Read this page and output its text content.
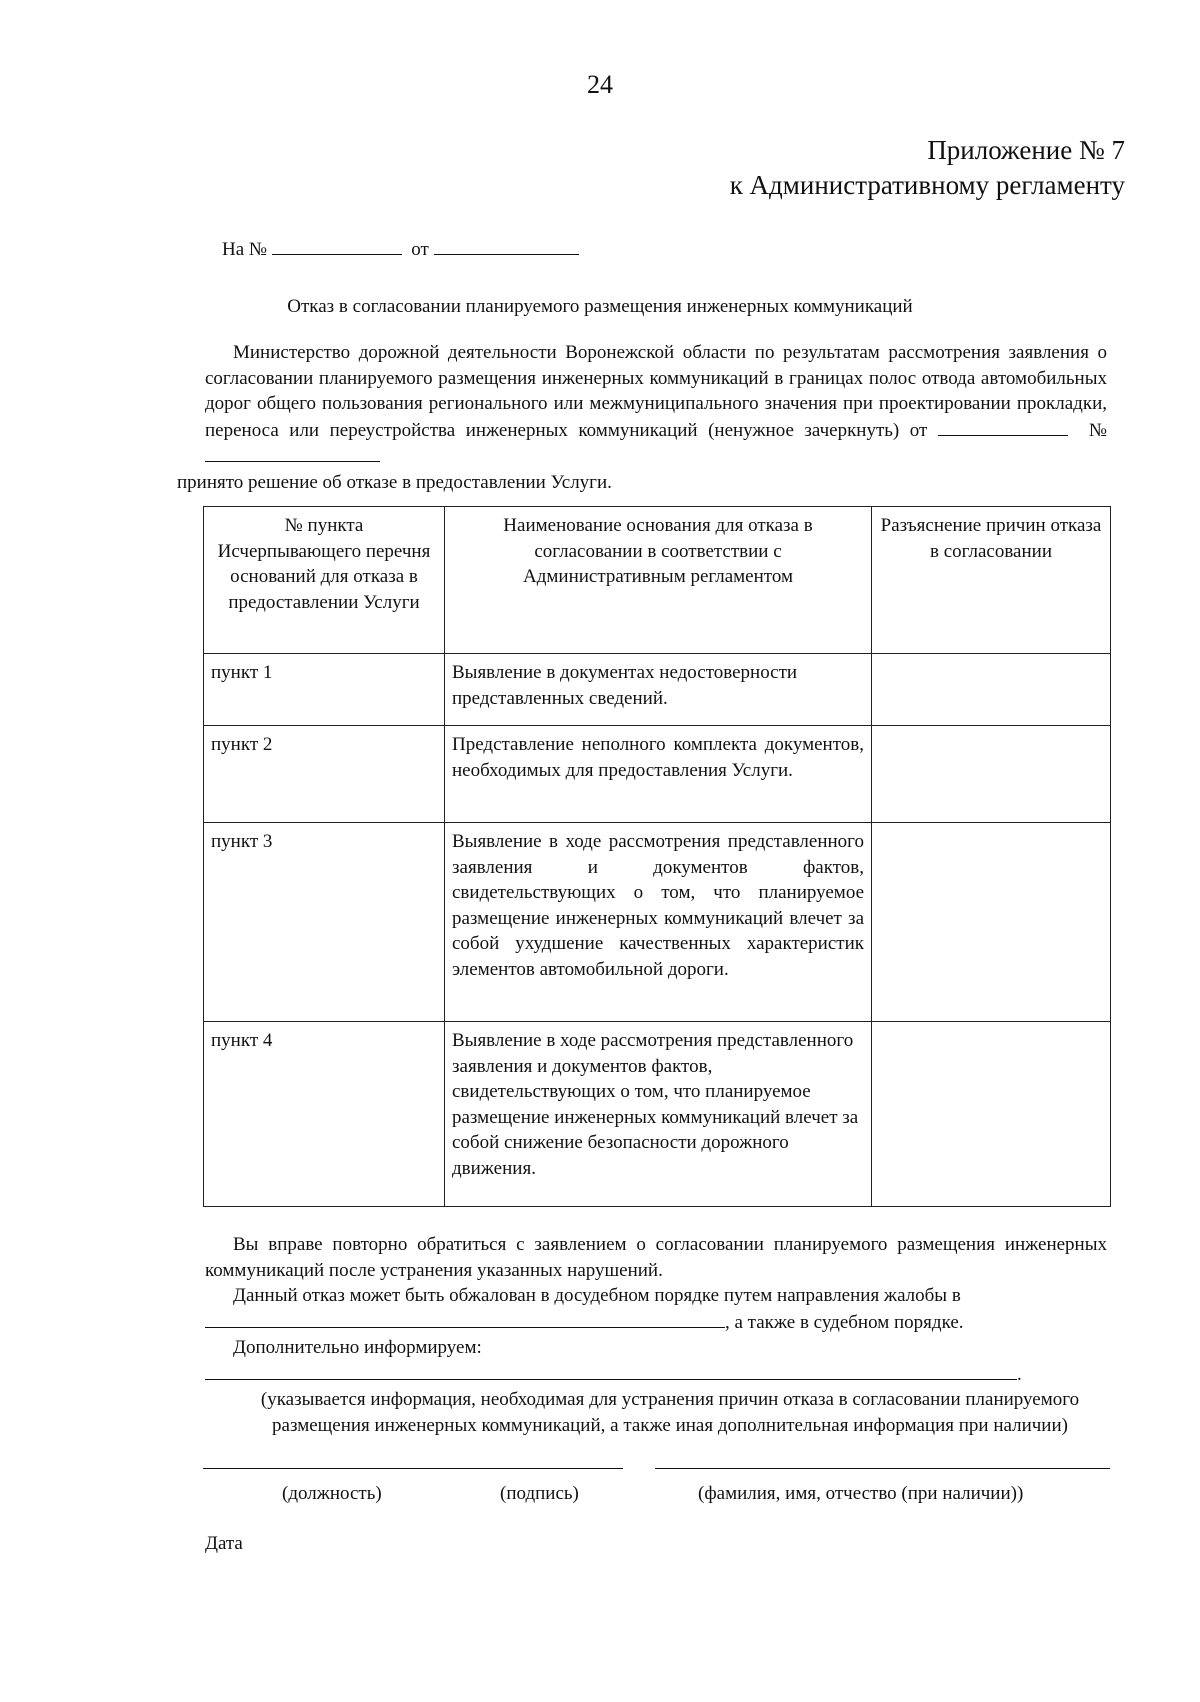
24
Приложение № 7
к Административному регламенту
На №	от
Отказ в согласовании планируемого размещения инженерных коммуникаций
Министерство дорожной деятельности Воронежской области по результатам рассмотрения заявления о согласовании планируемого размещения инженерных коммуникаций в границах полос отвода автомобильных дорог общего пользования регионального или межмуниципального значения при проектировании прокладки, переноса или переустройства инженерных коммуникаций (ненужное зачеркнуть) от	№
принято решение об отказе в предоставлении Услуги.
№ пункта Исчерпывающего перечня оснований для отказа в предоставлении Услуги	Наименование основания для отказа в согласовании в соответствии с Административным регламентом	Разъяснение причин отказа в согласовании
пункт 1	Выявление в документах недостоверности представленных сведений.	
пункт 2	Представление неполного комплекта документов, необходимых для предоставления Услуги.	
пункт 3	Выявление в ходе рассмотрения представленного заявления и документов фактов, свидетельствующих о том, что планируемое размещение инженерных коммуникаций влечет за собой ухудшение качественных характеристик элементов автомобильной дороги.	
пункт 4	Выявление в ходе рассмотрения представленного заявления и документов фактов, свидетельствующих о том, что планируемое размещение инженерных коммуникаций влечет за собой снижение безопасности дорожного движения.	
Вы вправе повторно обратиться с заявлением о согласовании планируемого размещения инженерных коммуникаций после устранения указанных нарушений.
Данный отказ может быть обжалован в досудебном порядке путем направления жалобы в
, а также в судебном порядке.
Дополнительно информируем:
.
(указывается информация, необходимая для устранения причин отказа в согласовании планируемого размещения инженерных коммуникаций, а также иная дополнительная информация при наличии)
(должность)	(подпись)	(фамилия, имя, отчество (при наличии))
Дата
